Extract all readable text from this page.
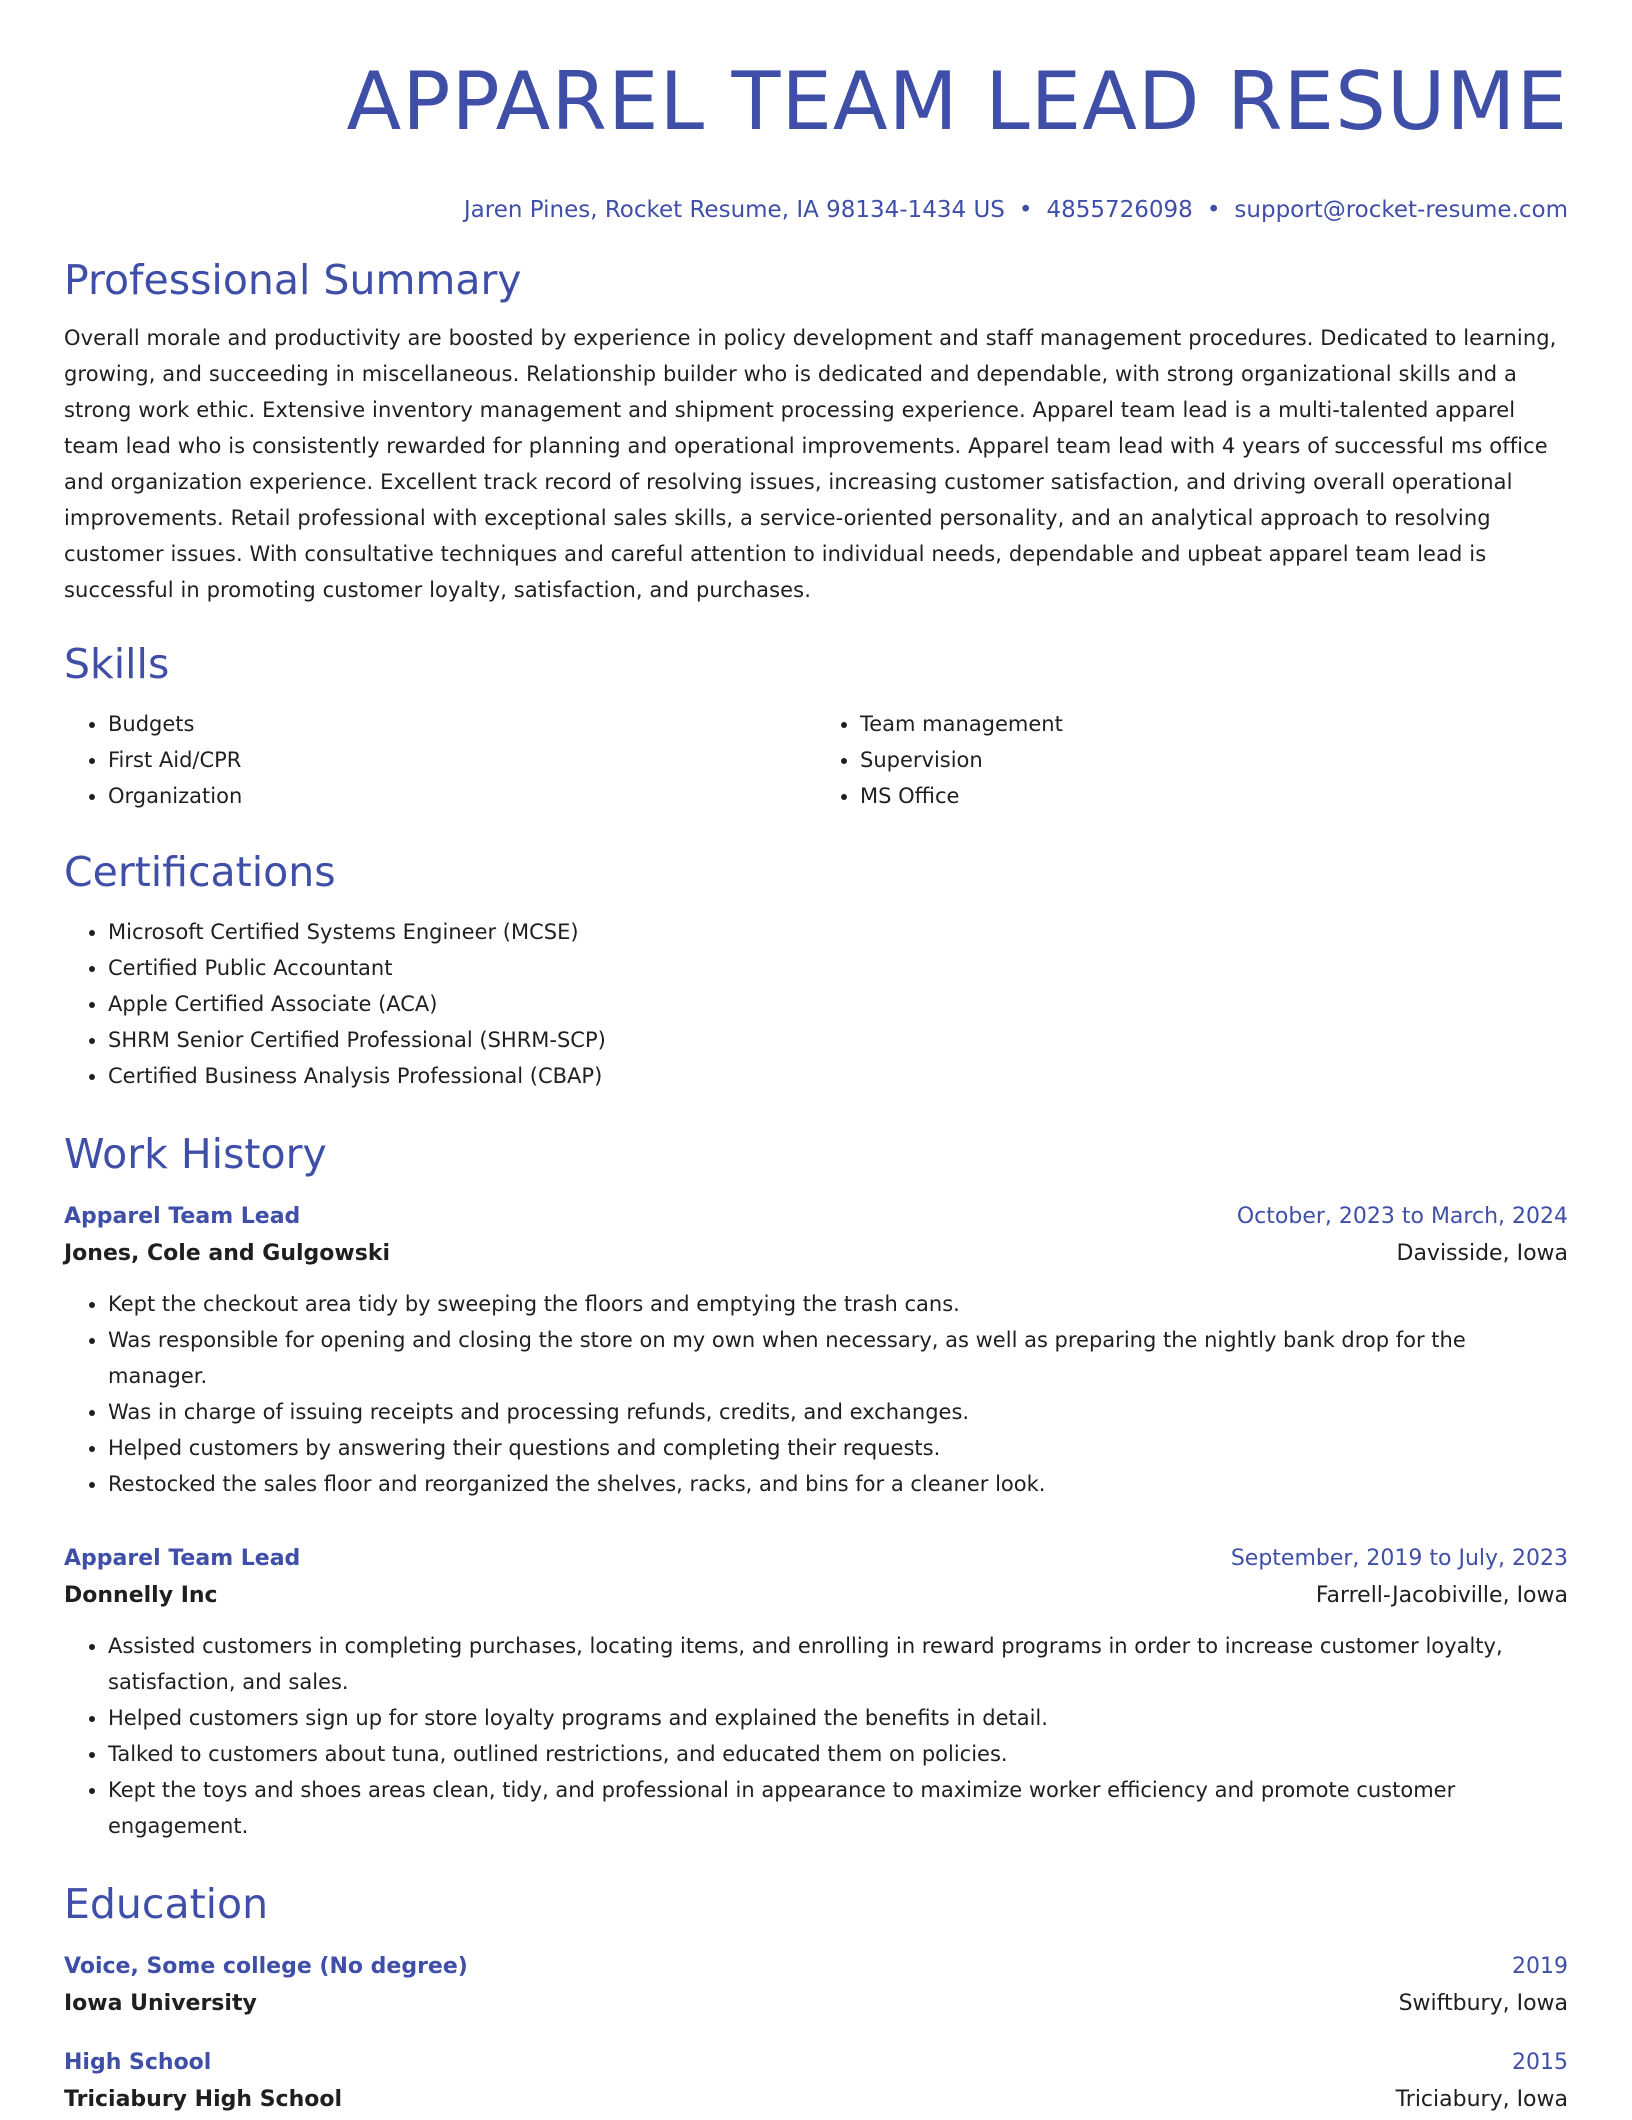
APPAREL TEAM LEAD RESUME
Jaren Pines, Rocket Resume, IA 98134-1434 US • 4855726098 • support@rocket-resume.com
Professional Summary
Overall morale and productivity are boosted by experience in policy development and staff management procedures. Dedicated to learning, growing, and succeeding in miscellaneous. Relationship builder who is dedicated and dependable, with strong organizational skills and a strong work ethic. Extensive inventory management and shipment processing experience. Apparel team lead is a multi-talented apparel team lead who is consistently rewarded for planning and operational improvements. Apparel team lead with 4 years of successful ms office and organization experience. Excellent track record of resolving issues, increasing customer satisfaction, and driving overall operational improvements. Retail professional with exceptional sales skills, a service-oriented personality, and an analytical approach to resolving customer issues. With consultative techniques and careful attention to individual needs, dependable and upbeat apparel team lead is successful in promoting customer loyalty, satisfaction, and purchases.
Skills
• Budgets
• First Aid/CPR
• Organization
• Team management
• Supervision
• MS Office
Certifications
• Microsoft Certified Systems Engineer (MCSE)
• Certified Public Accountant
• Apple Certified Associate (ACA)
• SHRM Senior Certified Professional (SHRM-SCP)
• Certified Business Analysis Professional (CBAP)
Work History
Apparel Team Lead	October, 2023 to March, 2024
Jones, Cole and Gulgowski	Davisside, Iowa
• Kept the checkout area tidy by sweeping the floors and emptying the trash cans.
• Was responsible for opening and closing the store on my own when necessary, as well as preparing the nightly bank drop for the manager.
• Was in charge of issuing receipts and processing refunds, credits, and exchanges.
• Helped customers by answering their questions and completing their requests.
• Restocked the sales floor and reorganized the shelves, racks, and bins for a cleaner look.
Apparel Team Lead	September, 2019 to July, 2023
Donnelly Inc	Farrell-Jacobiville, Iowa
• Assisted customers in completing purchases, locating items, and enrolling in reward programs in order to increase customer loyalty, satisfaction, and sales.
• Helped customers sign up for store loyalty programs and explained the benefits in detail.
• Talked to customers about tuna, outlined restrictions, and educated them on policies.
• Kept the toys and shoes areas clean, tidy, and professional in appearance to maximize worker efficiency and promote customer engagement.
Education
Voice, Some college (No degree)	2019
Iowa University	Swiftbury, Iowa
High School	2015
Triciabury High School	Triciabury, Iowa
